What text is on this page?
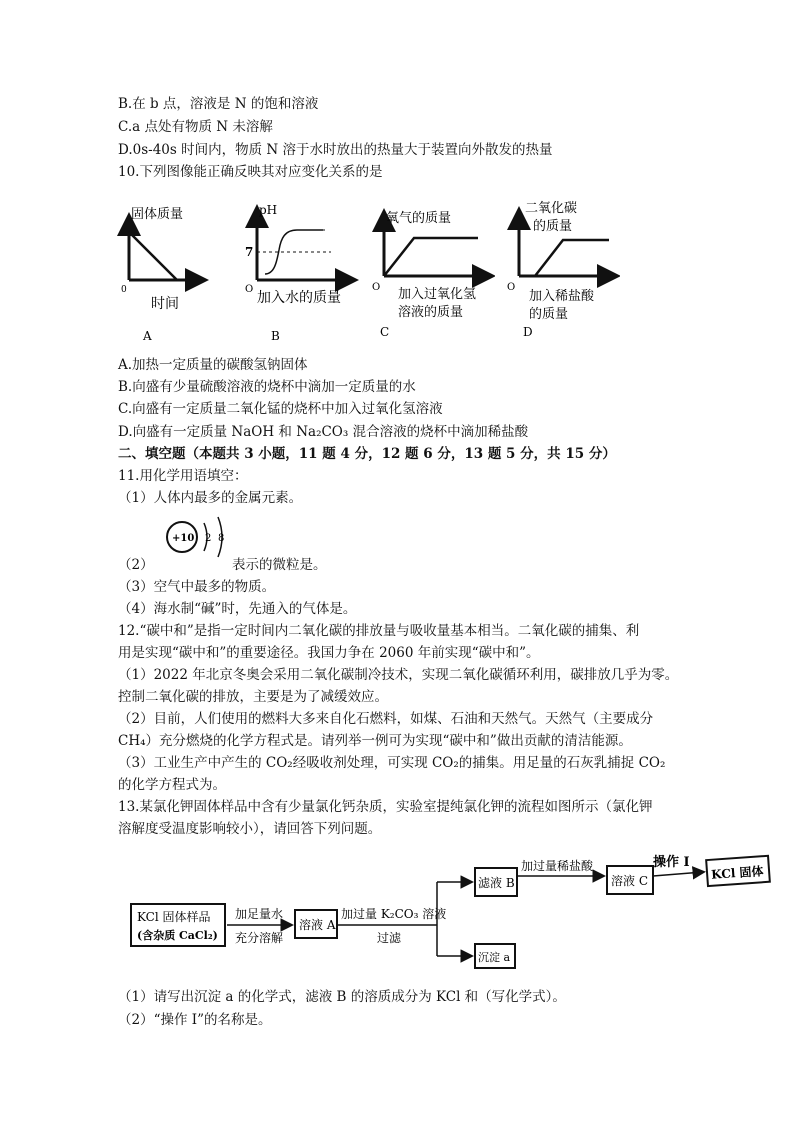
B.在 b 点，溶液是 N 的饱和溶液
C.a 点处有物质 N 未溶解
D.0s-40s 时间内，物质 N 溶于水时放出的热量大于装置向外散发的热量
10.下列图像能正确反映其对应变化关系的是
固体质量
0
时间
A
pH
7
O
加入水的质量
B
氧气的质量
O 加入过氧化氢
溶液的质量
C
二氧化碳
的质量
O
加入稀盐酸
的质量
D
A.加热一定质量的碳酸氢钠固体
B.向盛有少量硫酸溶液的烧杯中滴加一定质量的水
C.向盛有一定质量二氧化锰的烧杯中加入过氧化氢溶液
D.向盛有一定质量 NaOH 和 Na₂CO₃ 混合溶液的烧杯中滴加稀盐酸
二、填空题（本题共 3 小题，11 题 4 分，12 题 6 分，13 题 5 分，共 15 分）
11.用化学用语填空：
（1）人体内最多的金属元素。
+10 2 8
（2）	表示的微粒是。
（3）空气中最多的物质。
（4）海水制“碱”时，先通入的气体是。
12.“碳中和”是指一定时间内二氧化碳的排放量与吸收量基本相当。二氧化碳的捕集、利
用是实现“碳中和”的重要途径。我国力争在 2060 年前实现“碳中和”。
（1）2022 年北京冬奥会采用二氧化碳制冷技术，实现二氧化碳循环利用，碳排放几乎为零。
控制二氧化碳的排放，主要是为了减缓效应。
（2）目前，人们使用的燃料大多来自化石燃料，如煤、石油和天然气。天然气（主要成分
CH₄）充分燃烧的化学方程式是。请列举一例可为实现“碳中和”做出贡献的清洁能源。
（3）工业生产中产生的 CO₂经吸收剂处理，可实现 CO₂的捕集。用足量的石灰乳捕捉 CO₂
的化学方程式为。
13.某氯化钾固体样品中含有少量氯化钙杂质，实验室提纯氯化钾的流程如图所示（氯化钾
溶解度受温度影响较小），请回答下列问题。
KCl 固体样品
(含杂质 CaCl₂)
加足量水
充分溶解
溶液 A
加过量 K₂CO₃ 溶液
过滤
滤液 B
加过量稀盐酸
溶液 C
操作 Ⅰ
KCl 固体
沉淀 a
（1）请写出沉淀 a 的化学式，滤液 B 的溶质成分为 KCl 和（写化学式）。
（2）“操作 I”的名称是。
